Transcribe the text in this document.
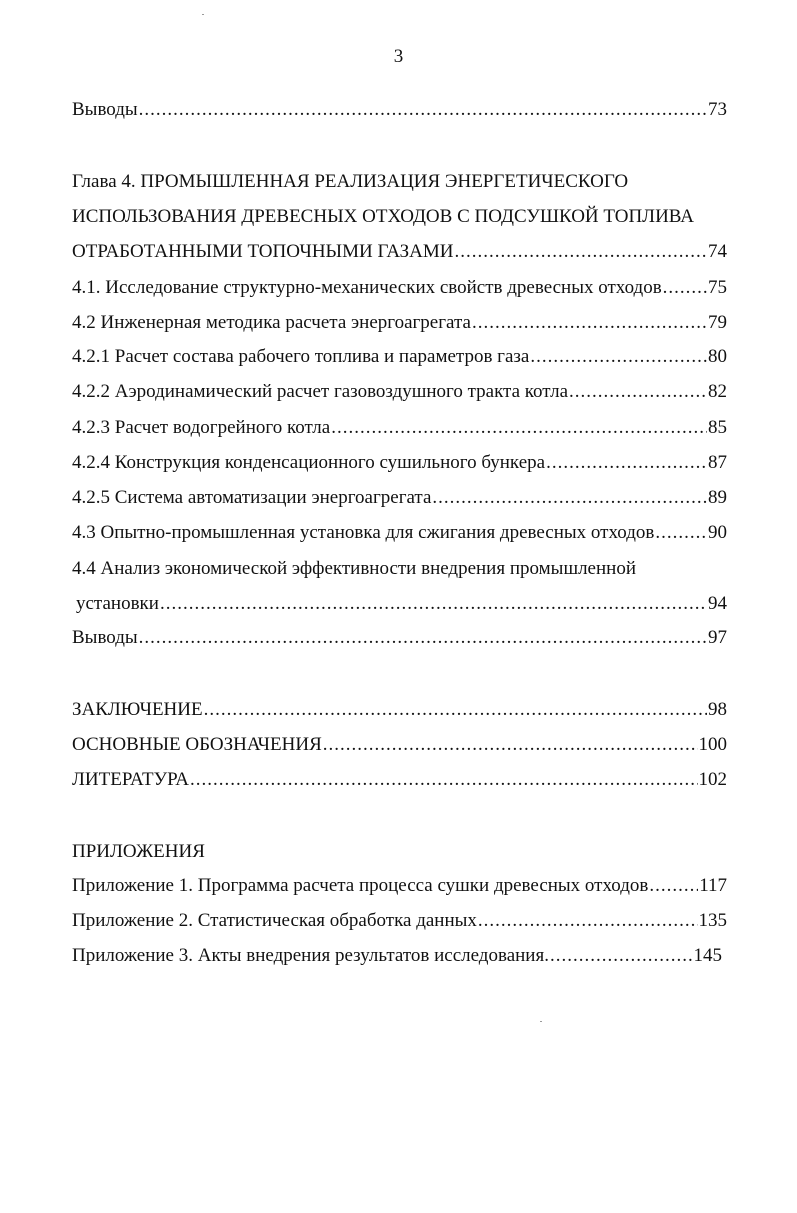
3
Выводы .....	73
Глава 4. ПРОМЫШЛЕННАЯ РЕАЛИЗАЦИЯ ЭНЕРГЕТИЧЕСКОГО
ИСПОЛЬЗОВАНИЯ ДРЕВЕСНЫХ ОТХОДОВ С ПОДСУШКОЙ ТОПЛИВА
ОТРАБОТАННЫМИ ТОПОЧНЫМИ ГАЗАМИ .....	74
4.1. Исследование структурно-механических свойств древесных отходов ..... 75
4.2 Инженерная методика расчета энергоагрегата .....	79
4.2.1 Расчет состава рабочего топлива и параметров газа .....	80
4.2.2 Аэродинамический расчет газовоздушного тракта котла .....	82
4.2.3 Расчет водогрейного котла .....	85
4.2.4 Конструкция конденсационного сушильного бункера .....	87
4.2.5 Система автоматизации энергоагрегата .....	89
4.3 Опытно-промышленная установка для сжигания древесных отходов .....	90
4.4 Анализ экономической эффективности внедрения промышленной
установки .....	94
Выводы .....	97
ЗАКЛЮЧЕНИЕ .....	98
ОСНОВНЫЕ ОБОЗНАЧЕНИЯ .....	100
ЛИТЕРАТУРА .....	102
ПРИЛОЖЕНИЯ
Приложение 1. Программа расчета процесса сушки древесных отходов .....	117
Приложение 2. Статистическая обработка данных .....	135
Приложение 3. Акты внедрения результатов исследования. .....	145
